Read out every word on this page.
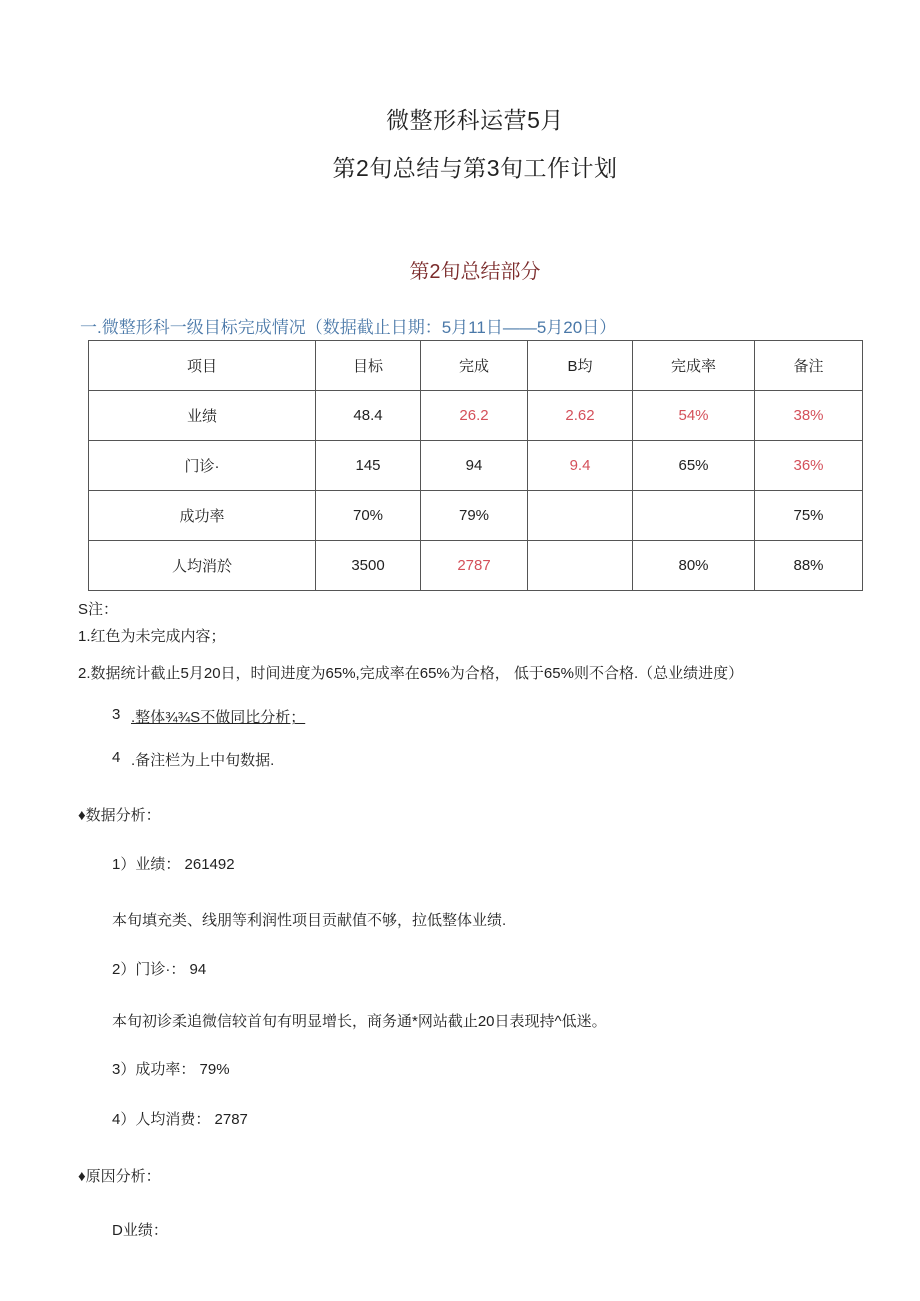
微整形科运营5月
第2旬总结与第3旬工作计划
第2旬总结部分
一.微整形科一级目标完成情况（数据截止日期：5月11日——5月20日）
项目	目标	完成	B均	完成率	备注
业绩	48.4	26.2	2.62	54%	38%
门诊·	145	94	9.4	65%	36%
成功率	70%	79%			75%
人均消於	3500	2787		80%	88%
S注：
1.红色为未完成内容；
2.数据统计截止5月20日，时间进度为65%,完成率在65%为合格， 低于65%则不合格.（总业绩进度）
3 .整体¾¾S不做同比分析；
4 .备注栏为上中旬数据.
♦数据分析：
1）业绩： 261492
本旬填充类、线朋等利润性项目贡献值不够，拉低整体业绩.
2）门诊·： 94
本旬初诊柔追微信较首旬有明显增长，商务通*网站截止20日表现持^低迷。
3）成功率： 79%
4）人均消费： 2787
♦原因分析：
D业绩：
